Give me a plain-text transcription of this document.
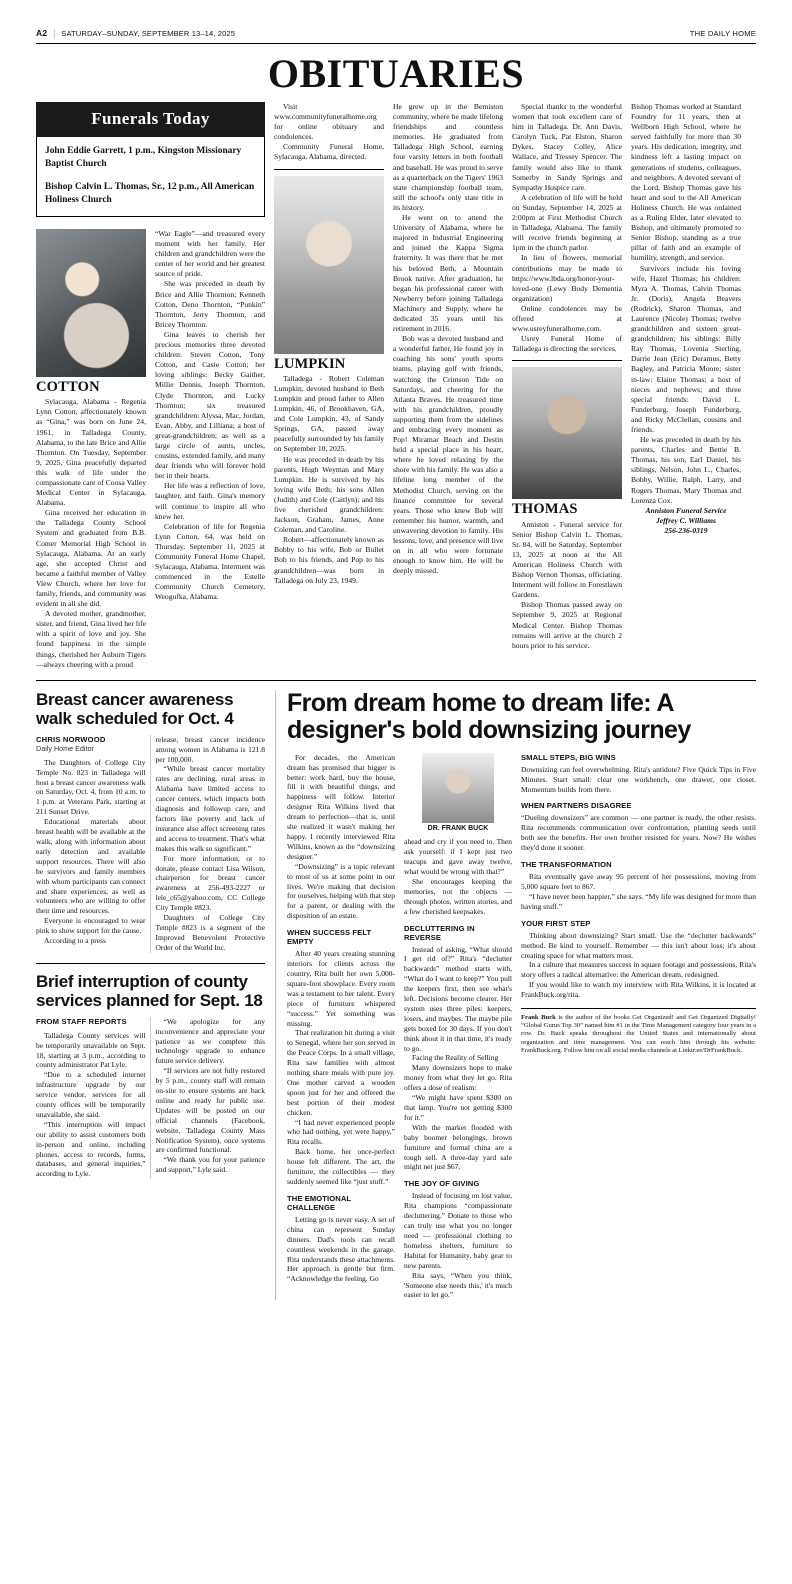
A2 | SATURDAY–SUNDAY, SEPTEMBER 13–14, 2025	THE DAILY HOME
OBITUARIES
Funerals Today

John Eddie Garrett, 1 p.m., Kingston Missionary Baptist Church

Bishop Calvin L. Thomas, Sr., 12 p.m., All American Holiness Church

COTTON

Sylacauga, Alabama - Regenia Lynn Cotton, affectionately known as “Gina,” was born on June 24, 1961, in Talladega County, Alabama, to the late Brice and Allie Thornton. On Tuesday, September 9, 2025, Gina peacefully departed this walk of life under the compassionate care of Coosa Valley Medical Center in Sylacauga, Alabama.

Gina received her education in the Talladega County School System and graduated from B.B. Comer Memorial High School in Sylacauga, Alabama. At an early age, she accepted Christ and became a faithful member of Valley View Church, where her love for family, friends, and community was evident in all she did.

A devoted mother, grandmother, sister, and friend, Gina lived her life with a spirit of love and joy. She found happiness in the simple things, cherished her Auburn Tigers—always cheering with a proud

“War Eagle”—and treasured every moment with her family. Her children and grandchildren were the center of her world and her greatest source of pride.

She was preceded in death by Brice and Allie Thornton; Kenneth Cotton, Deno Thornton, “Punkin” Thornton, Jerry Thornton, and Bricey Thornton.

Gina leaves to cherish her precious memories three devoted children: Steven Cotton, Tony Cotton, and Casie Cotton; her loving siblings: Becky Gaither, Millie Dennis, Joseph Thornton, Clyde Thornton, and Lucky Thornton; six treasured grandchildren: Alyssa, Mac, Jordan, Evan, Abby, and Lilliana; a host of great-grandchildren; as well as a large circle of aunts, uncles, cousins, extended family, and many dear friends who will forever hold her in their hearts.

Her life was a reflection of love, laughter, and faith. Gina's memory will continue to inspire all who knew her.

Celebration of life for Regenia Lynn Cotton, 64, was held on Thursday, September 11, 2025 at Community Funeral Home Chapel, Sylacauga, Alabama. Interment was commenced in the Estelle Community Church Cemetery, Weogufka, Alabama.

Visit www.communityfuneralhome.org for online obituary and condolences.

Community Funeral Home, Sylacauga, Alabama, directed.

LUMPKIN

Talladega - Robert Coleman Lumpkin, devoted husband to Beth Lumpkin and proud father to Allen Lumpkin, 46, of Brookhaven, GA, and Cole Lumpkin, 43, of Sandy Springs, GA, passed away peacefully surrounded by his family on September 10, 2025.

He was preceded in death by his parents, Hugh Weyman and Mary Lumpkin. He is survived by his loving wife Beth; his sons Allen (Judith) and Cole (Caitlyn); and his five cherished grandchildren: Jackson, Graham, James, Anne Coleman, and Caroline.

Robert—affectionately known as Bobby to his wife, Bob or Bullet Bob to his friends, and Pop to his grandchildren—was born in Talladega on July 23, 1949.

He grew up in the Bemiston community, where he made lifelong friendships and countless memories. He graduated from Talladega High School, earning four varsity letters in both football and baseball. He was proud to serve as a quarterback on the Tigers' 1963 state championship football team, still the school's only state title in its history.

He went on to attend the University of Alabama, where he majored in Industrial Engineering and joined the Kappa Sigma fraternity. It was there that he met his beloved Beth, a Mountain Brook native. After graduation, he began his professional career with Newberry before joining Talladega Machinery and Supply, where he dedicated 35 years until his retirement in 2016.

Bob was a devoted husband and a wonderful father. He found joy in coaching his sons' youth sports teams, playing golf with friends, watching the Crimson Tide on Saturdays, and cheering for the Atlanta Braves. He treasured time with his grandchildren, proudly supporting them from the sidelines and embracing every moment as Pop! Miramar Beach and Destin held a special place in his heart, where he loved relaxing by the shore with his family. He was also a lifeline long member of the Methodist Church, serving on the finance committee for several years. Those who knew Bob will remember his humor, warmth, and unwavering devotion to family. His lessons, love, and presence will live on in all who were fortunate enough to know him. He will be deeply missed.

Special thanks to the wonderful women that took excellent care of him in Talladega. Dr. Ann Davis, Carolyn Tuck, Pat Elston, Sharon Dykes, Stacey Colley, Alice Wallace, and Tressey Spencer. The family would also like to thank Somerby in Sandy Springs and Sympathy Hospice care.

A celebration of life will be held on Sunday, September 14, 2025 at 2:00pm at First Methodist Church in Talladega, Alabama. The family will receive friends beginning at 1pm in the church parlor.

In lieu of flowers, memorial contributions may be made to https://www.lbda.org/honor-your- loved-one (Lewy Body Dementia organization)

Online condolences may be offered at www.usreyfuneralhome.com.

Usrey Funeral Home of Talladega is directing the services.

THOMAS

Anniston - Funeral service for Senior Bishop Calvin L. Thomas, Sr. 84, will be Saturday, September 13, 2025 at noon at the All American Holiness Church with Bishop Vernon Thomas, officiating. Interment will follow in Forestlawn Gardens.

Bishop Thomas passed away on September 9, 2025 at Regional Medical Center. Bishop Thomas remains will arrive at the church 2 hours prior to his service.

Bishop Thomas worked at Standard Foundry for 11 years, then at Wellborn High School, where he served faithfully for more than 30 years. His dedication, integrity, and kindness left a lasting impact on generations of students, colleagues, and neighbors. A devoted servant of the Lord, Bishop Thomas gave his heart and soul to the All American Holiness Church. He was ordained as a Ruling Elder, later elevated to Bishop, and ultimately promoted to Senior Bishop, standing as a true pillar of faith and an example of humility, strength, and service.

Survivors include his loving wife, Hazel Thomas; his children: Myra A. Thomas, Calvin Thomas Jr. (Doris), Angela Beavers (Rodrick), Sharon Thomas, and Laurence (Nicole) Thomas; twelve grandchildren and sixteen great-grandchildren; his siblings: Billy Ray Thomas, Lovenia Sterling, Darrie Jean (Eric) Deramus, Betty Bagley, and Patricia Moore; sister in-law: Elaine Thomas; a host of nieces and nephews; and three special friends: David L. Funderburg, Joseph Funderburg, and Ricky McClellan, cousins and friends.

He was preceded in death by his parents, Charles and Bettie B. Thomas, his son, Earl Daniel, his siblings, Nelson, John L., Charles, Bobby, Willie, Ralph, Larry, and Rogers Thomas, Mary Thomas and Lorenza Cox.

Anniston Funeral Service
Jeffrey C. Williams
256-236-0319
Breast cancer awareness walk scheduled for Oct. 4
CHRIS NORWOOD
Daily Home Editor

The Daughters of College City Temple No. 823 in Talladega will host a breast cancer awareness walk on Saturday, Oct. 4, from 10 a.m. to 1 p.m. at Veterans Park, starting at 211 Sunset Drive.

Educational materials about breast health will be available at the walk, along with information about early detection and available support resources. There will also be survivors and family members with whom participants can connect and share experiences, as well as volunteers who are willing to offer their time and resources.

Everyone is encouraged to wear pink to show support for the cause.

According to a press

release, breast cancer incidence among women in Alabama is 121.8 per 100,000.

“While breast cancer mortality rates are declining, rural areas in Alabama have limited access to cancer centers, which impacts both diagnosis and followup care, and factors like poverty and lack of insurance also affect screening rates and access to treatment. That's what makes this walk so significant.”

For more information, or to donate, please contact Lisa Wilson, chairperson for breast cancer awareness at 256-493-2227 or lele_c65@yahoo.com, CC College City Temple #823.

Daughters of College City Temple #823 is a segment of the Improved Benevolent Protective Order of the World Inc.

Brief interruption of county services planned for Sept. 18
FROM STAFF REPORTS

Talladega County services will be temporarily unavailable on Sept. 18, starting at 3 p.m., according to county administrator Pat Lyle.

“Due to a scheduled internet infrastructure upgrade by our service vendor, services for all county offices will be temporarily unavailable, she said.

“This interruption will impact our ability to assist customers both in-person and online, including phones, access to records, forms, databases, and general inquiries,” according to Lyle.

“We apologize for any inconvenience and appreciate your patience as we complete this technology upgrade to enhance future service delivery.

“If services are not fully restored by 5 p.m., county staff will remain on-site to ensure systems are back online and ready for public use. Updates will be posted on our official channels (Facebook, website, Talladega County Mass Notification System), once systems are confirmed functional.

“We thank you for your patience and support,” Lyle said.

From dream home to dream life: A designer's bold downsizing journey

For decades, the American dream has promised that bigger is better: work hard, buy the house, fill it with beautiful things, and happiness will follow. Interior designer Rita Wilkins lived that dream to perfection—that is, until she realized it wasn't making her happy. I recently interviewed Rita Wilkins, known as the “downsizing designer.”

“Downsizing” is a topic relevant to most of us at some point in our lives. We're making that decision for ourselves, helping with that step for a parent, or dealing with the disposition of an estate.

WHEN SUCCESS FELT EMPTY

After 40 years creating stunning interiors for clients across the country, Rita built her own 5,000-square-foot showplace. Every room was a testament to her talent. Every piece of furniture whispered “success.” Yet something was missing.

That realization hit during a visit to Senegal, where her son served in the Peace Corps. In a small village, Rita saw families with almost nothing share meals with pure joy. One mother carved a wooden spoon just for her and offered the best portion of their modest chicken.

“I had never experienced people who had nothing, yet were happy,” Rita recalls.

Back home, her once-perfect house felt different. The art, the furniture, the collectibles — they suddenly seemed like “just stuff.”

THE EMOTIONAL CHALLENGE

Letting go is never easy. A set of china can represent Sunday dinners. Dad's tools can recall countless weekends in the garage. Rita understands these attachments. Her approach is gentle but firm. “Acknowledge the feeling. Go

DR. FRANK BUCK

ahead and cry if you need to. Then ask yourself: if I kept just two teacups and gave away twelve, what would be wrong with that?”

She encourages keeping the memories, not the objects — through photos, written stories, and a few cherished keepsakes.

DECLUTTERING IN REVERSE

Instead of asking, “What should I get rid of?” Rita's “declutter backwards” method starts with, “What do I want to keep?” You pull the keepers first, then see what's left. Decisions become clearer. Her system uses three piles: keepers, losers, and maybes. The maybe pile gets boxed for 30 days. If you don't think about it in that time, it's ready to go.

Facing the Reality of Selling

Many downsizers hope to make money from what they let go. Rita offers a dose of realism:

“We might have spent $300 on that lamp. You're not getting $300 for it.”

With the market flooded with baby boomer belongings, brown furniture and formal china are a tough sell. A three-day yard sale might net just $67.

THE JOY OF GIVING

Instead of focusing on lost value, Rita champions “compassionate decluttering.” Donate to those who can truly use what you no longer need — professional clothing to homeless shelters, furniture to Habitat for Humanity, baby gear to new parents.

Rita says, “When you think, 'Someone else needs this,' it's much easier to let go.”

SMALL STEPS, BIG WINS

Downsizing can feel overwhelming. Rita's antidote? Five Quick Tips in Five Minutes. Start small: clear one workbench, one drawer, one closet. Momentum builds from there.

WHEN PARTNERS DISAGREE

“Dueling downsizers” are common — one partner is ready, the other resists. Rita recommends communication over confrontation, planting seeds until both see the benefits. Her own brother resisted for years. Now? He wishes they'd done it sooner.

THE TRANSFORMATION

Rita eventually gave away 95 percent of her possessions, moving from 5,000 square feet to 867.

“I have never been happier,” she says. “My life was designed for more than having stuff.”

YOUR FIRST STEP

Thinking about downsizing? Start small. Use the “declutter backwards” method. Be kind to yourself. Remember — this isn't about loss; it's about creating space for what matters most.

In a culture that measures success in square footage and possessions, Rita's story offers a radical alternative: the American dream, redesigned.

If you would like to watch my interview with Rita Wilkins, it is located at FrankBuck.org/rita.

Frank Buck is the author of the books Get Organized! and Get Organized Digitally! “Global Gurus Top 30” named him #1 in the Time Management category four years in a row. Dr. Buck speaks throughout the United States and internationally about organization and time management. You can reach him through his website: FrankBuck.org. Follow him on all social media channels at Linktr.ee/DrFrankBuck.
